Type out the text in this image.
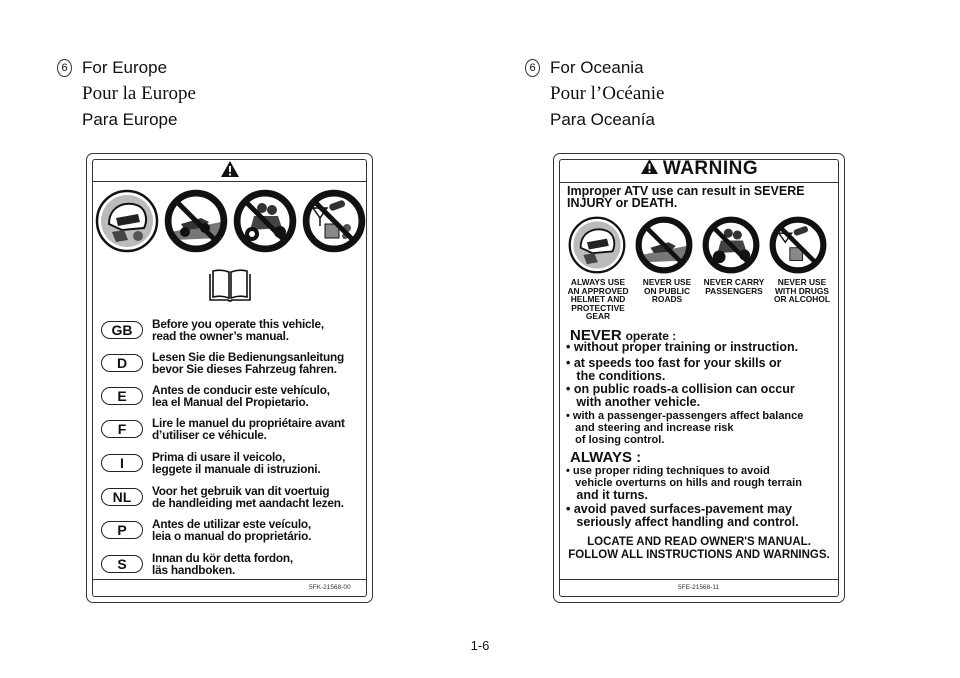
6 For Europe
Pour la Europe
Para Europe
6 For Oceania
Pour l’Océanie
Para Oceanía
GB	Before you operate this vehicle,
read the owner’s manual.
D	Lesen Sie die Bedienungsanleitung
bevor Sie dieses Fahrzeug fahren.
E	Antes de conducir este vehículo,
lea el Manual del Propietario.
F	Lire le manuel du propriétaire avant
d’utiliser ce véhicule.
I	Prima di usare il veicolo,
leggete il manuale di istruzioni.
NL	Voor het gebruik van dit voertuig
de handleiding met aandacht lezen.
P	Antes de utilizar este veículo,
leia o manual do proprietário.
S	Innan du kör detta fordon,
läs handboken.
5FK-21568-00
WARNING
Improper ATV use can result in SEVERE
INJURY or DEATH.
ALWAYS USE
AN APPROVED
HELMET AND
PROTECTIVE
GEAR
NEVER USE
ON PUBLIC
ROADS
NEVER CARRY
PASSENGERS
NEVER USE
WITH DRUGS
OR ALCOHOL
NEVER operate :
• without proper training or instruction.
• at speeds too fast for your skills or
the conditions.
• on public roads-a collision can occur
with another vehicle.
• with a passenger-passengers affect balance
and steering and increase risk
of losing control.
ALWAYS :
• use proper riding techniques to avoid
vehicle overturns on hills and rough terrain
and it turns.
• avoid paved surfaces-pavement may
seriously affect handling and control.
LOCATE AND READ OWNER'S MANUAL.
FOLLOW ALL INSTRUCTIONS AND WARNINGS.
5FE-21568-11
1-6
